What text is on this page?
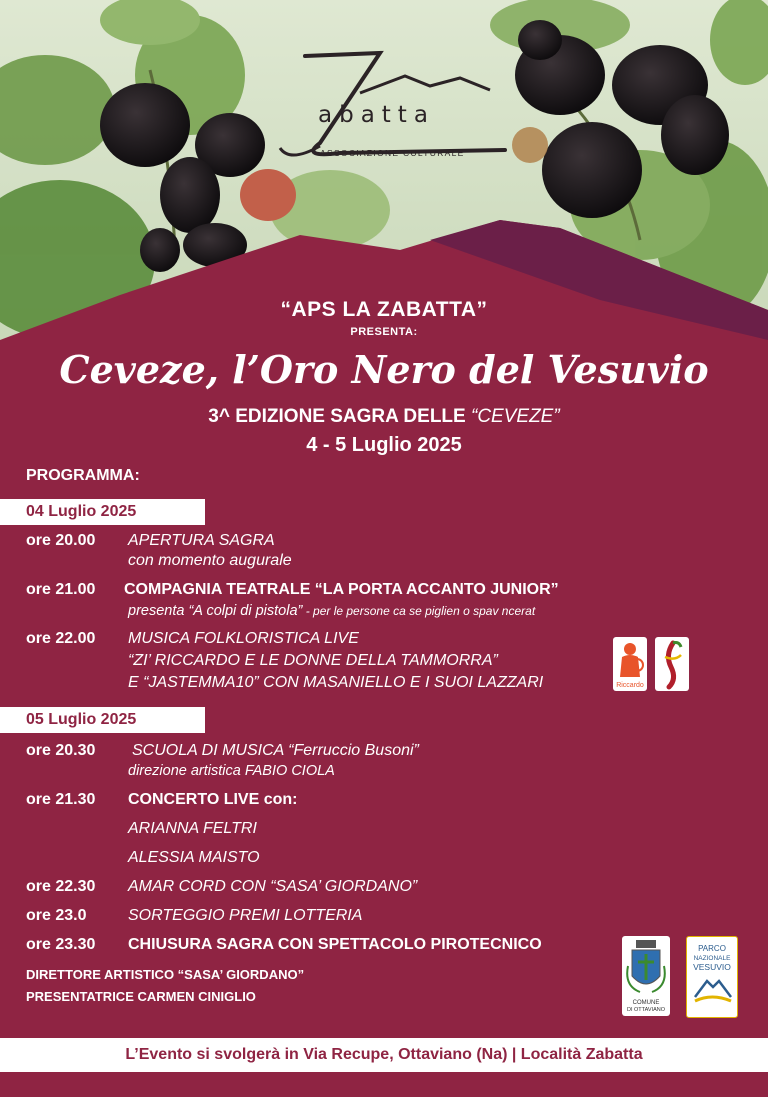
abatta
ASSOCIAZIONE CULTURALE
“APS LA ZABATTA”
PRESENTA:
Ceveze, l’Oro Nero del Vesuvio
3^ EDIZIONE SAGRA DELLE “CEVEZE”
4 - 5 Luglio 2025
PROGRAMMA:
04 Luglio 2025
ore 20.00 APERTURA SAGRA
con momento augurale
ore 21.00 COMPAGNIA TEATRALE “LA PORTA ACCANTO JUNIOR”
presenta “A colpi di pistola” - per le persone ca se piglien o spav ncerat
ore 22.00 MUSICA FOLKLORISTICA LIVE
“ZI’ RICCARDO E LE DONNE DELLA TAMMORRA”
E “JASTEMMA10” CON MASANIELLO E I SUOI LAZZARI	Riccardo
05 Luglio 2025
ore 20.30 SCUOLA DI MUSICA “Ferruccio Busoni”
direzione artistica FABIO CIOLA
ore 21.30 CONCERTO LIVE con:
ARIANNA FELTRI
ALESSIA MAISTO
ore 22.30 AMAR CORD CON “SASA’ GIORDANO”
ore 23.0	SORTEGGIO PREMI LOTTERIA
ore 23.30 CHIUSURA SAGRA CON SPETTACOLO PIROTECNICO
DIRETTORE ARTISTICO “SASA’ GIORDANO”
PRESENTATRICE CARMEN CINIGLIO	COMUNE
DI OTTAVIANO
PARCO
NAZIONALE
VESUVIO
L’Evento si svolgerà in Via Recupe, Ottaviano (Na) | Località Zabatta
